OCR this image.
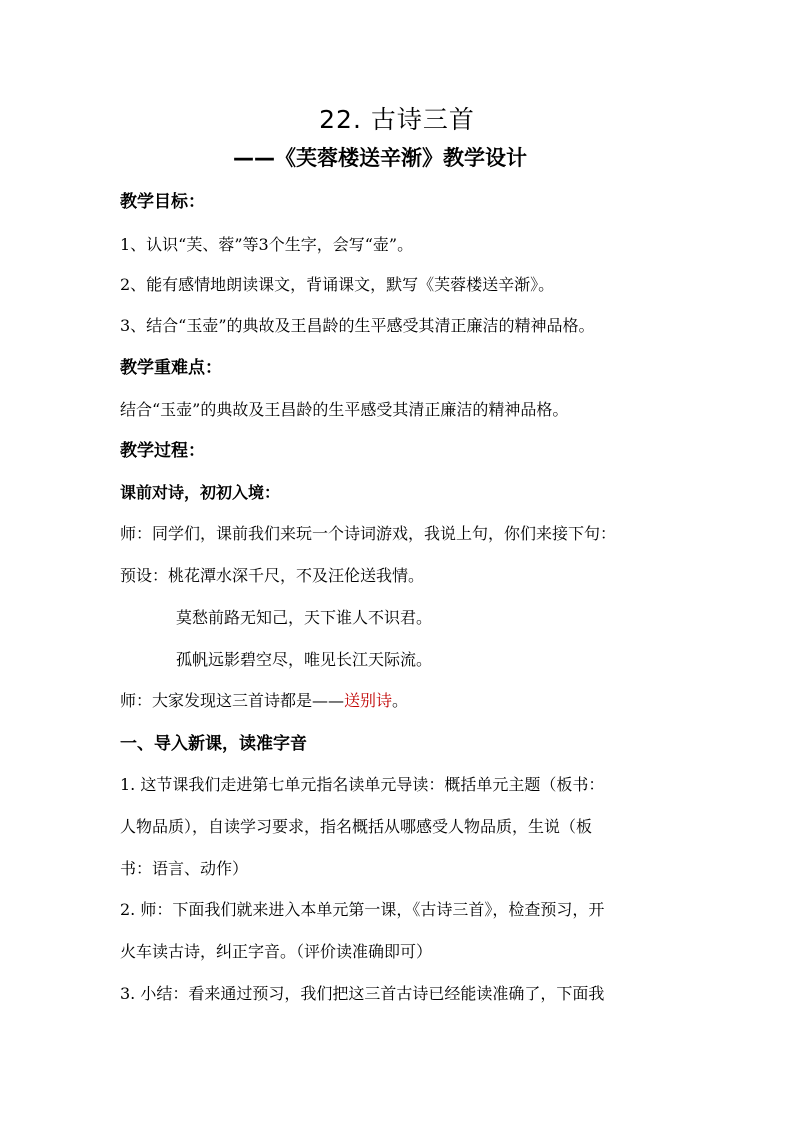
22. 古诗三首
——《芙蓉楼送辛渐》教学设计
教学目标：
1、认识“芙、蓉”等3个生字，会写“壶”。
2、能有感情地朗读课文，背诵课文，默写《芙蓉楼送辛渐》。
3、结合“玉壶”的典故及王昌龄的生平感受其清正廉洁的精神品格。
教学重难点：
结合“玉壶”的典故及王昌龄的生平感受其清正廉洁的精神品格。
教学过程：
课前对诗，初初入境：
师：同学们，课前我们来玩一个诗词游戏，我说上句，你们来接下句：
预设：桃花潭水深千尺，不及汪伦送我情。
莫愁前路无知己，天下谁人不识君。
孤帆远影碧空尽，唯见长江天际流。
师：大家发现这三首诗都是——送别诗。
一、导入新课，读准字音
1. 这节课我们走进第七单元指名读单元导读：概括单元主题（板书：
人物品质），自读学习要求，指名概括从哪感受人物品质，生说（板
书：语言、动作）
2. 师：下面我们就来进入本单元第一课，《古诗三首》，检查预习，开
火车读古诗，纠正字音。（评价读准确即可）
3. 小结：看来通过预习，我们把这三首古诗已经能读准确了，下面我
